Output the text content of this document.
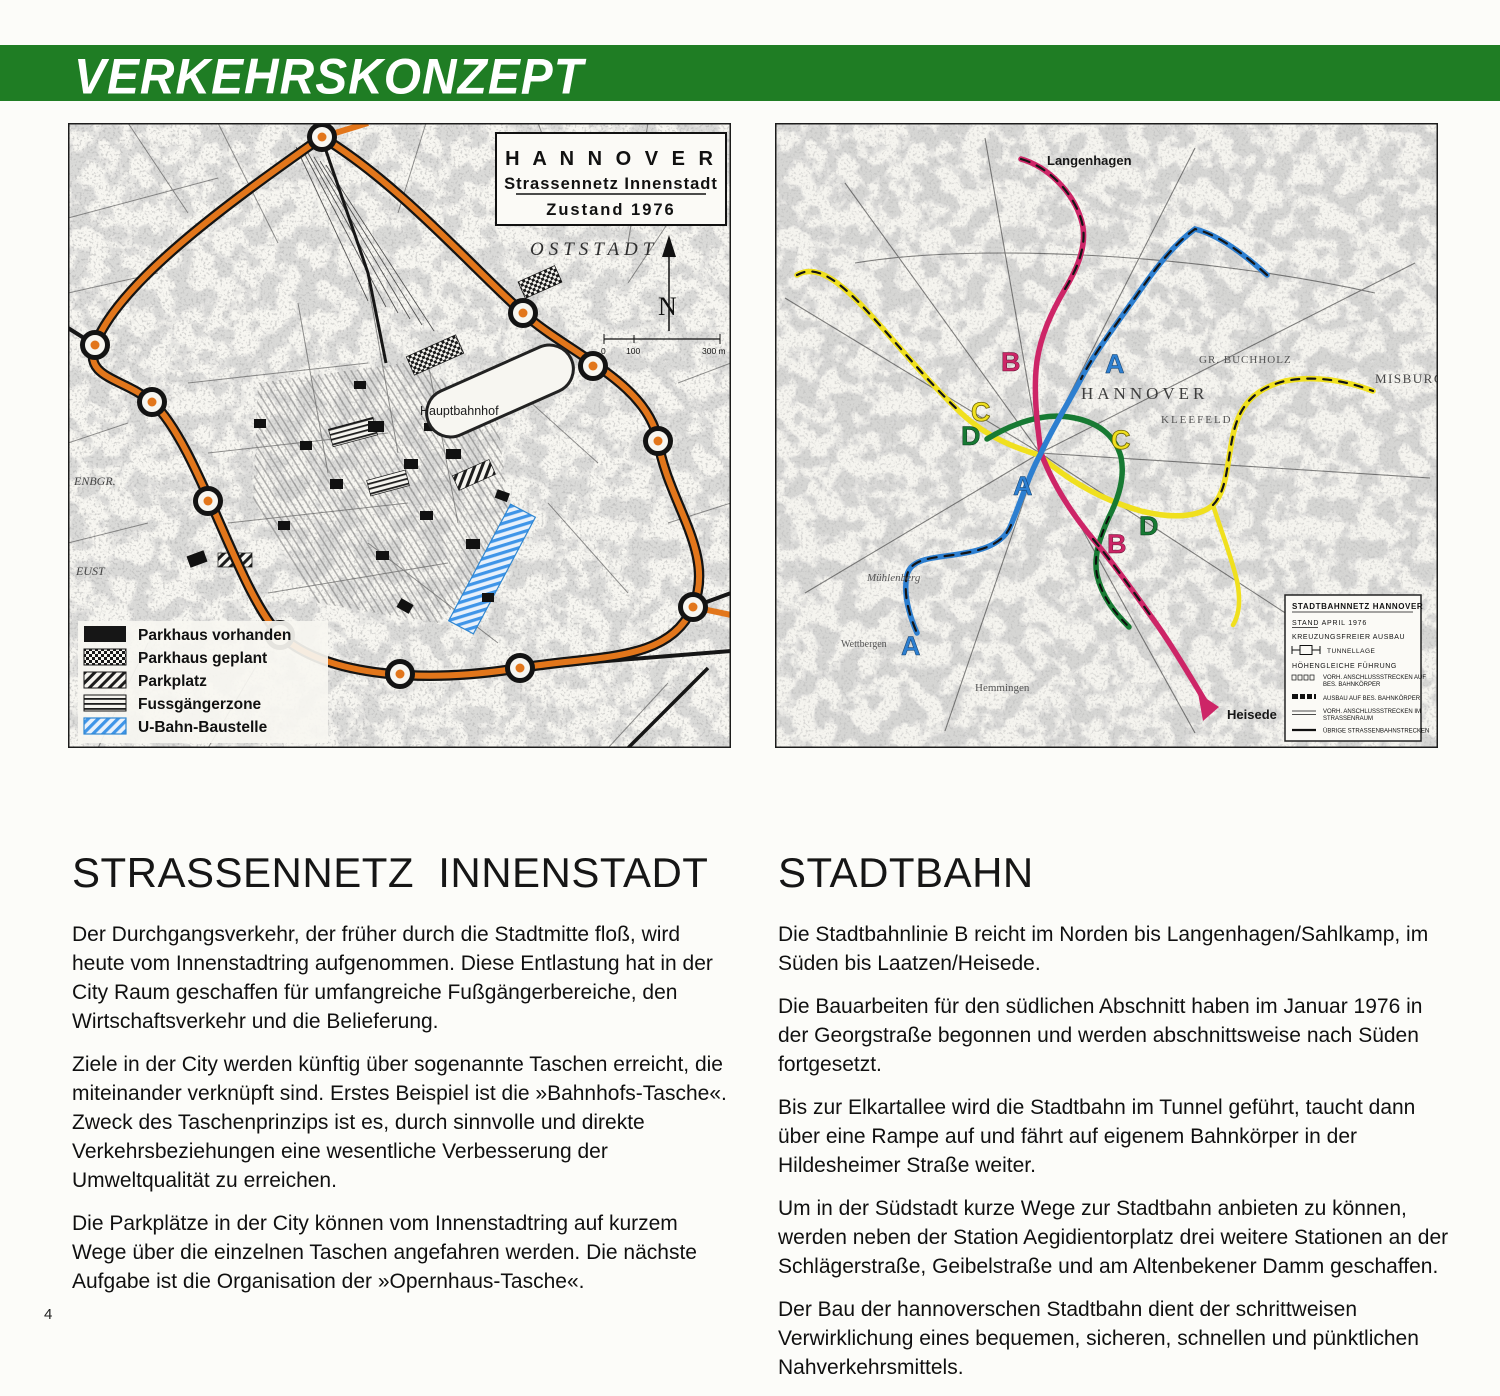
VERKEHRSKONZEPT
Hauptbahnhof
H A N N O V E R
Strassennetz Innenstadt
Zustand 1976
OSTSTADT
ENBGR.
EUST
N
0 100	300 m
Parkhaus vorhanden
Parkhaus geplant
Parkplatz
Fussgängerzone
U-Bahn-Baustelle
A
A
A
B
B
C
C
D
D
Langenhagen
HANNOVER
KLEEFELD
GR. BUCHHOLZ
MISBURG
Mühlenberg
Wettbergen
Hemmingen
Heisede
STADTBAHNNETZ HANNOVER
STAND APRIL 1976
KREUZUNGSFREIER AUSBAU
TUNNELLAGE
HÖHENGLEICHE FÜHRUNG
VORH. ANSCHLUSSSTRECKEN AUF
BES. BAHNKÖRPER
AUSBAU AUF BES. BAHNKÖRPER
VORH. ANSCHLUSSSTRECKEN IM
STRASSENRAUM
ÜBRIGE STRASSENBAHNSTRECKEN
STRASSENNETZ INNENSTADT

Der Durchgangsverkehr, der früher durch die Stadtmitte floß, wird heute vom Innenstadtring aufgenommen. Diese Entlastung hat in der City Raum geschaffen für umfangreiche Fußgängerbereiche, den Wirtschaftsverkehr und die Belieferung.

Ziele in der City werden künftig über sogenannte Taschen erreicht, die miteinander verknüpft sind. Erstes Beispiel ist die »Bahnhofs-Tasche«. Zweck des Taschenprinzips ist es, durch sinnvolle und direkte Verkehrsbeziehungen eine wesentliche Verbesserung der Umweltqualität zu erreichen.

Die Parkplätze in der City können vom Innenstadtring auf kurzem Wege über die einzelnen Taschen angefahren werden. Die nächste Aufgabe ist die Organisation der »Opernhaus-Tasche«.

STADTBAHN

Die Stadtbahnlinie B reicht im Norden bis Langenhagen/Sahlkamp, im Süden bis Laatzen/Heisede.

Die Bauarbeiten für den südlichen Abschnitt haben im Januar 1976 in der Georgstraße begonnen und werden abschnittsweise nach Süden fortgesetzt.

Bis zur Elkartallee wird die Stadtbahn im Tunnel geführt, taucht dann über eine Rampe auf und fährt auf eigenem Bahnkörper in der Hildesheimer Straße weiter.

Um in der Südstadt kurze Wege zur Stadtbahn anbieten zu können, werden neben der Station Aegidientorplatz drei weitere Stationen an der Schlägerstraße, Geibelstraße und am Altenbekener Damm geschaffen.

Der Bau der hannoverschen Stadtbahn dient der schrittweisen Verwirklichung eines bequemen, sicheren, schnellen und pünktlichen Nahverkehrsmittels.

4
